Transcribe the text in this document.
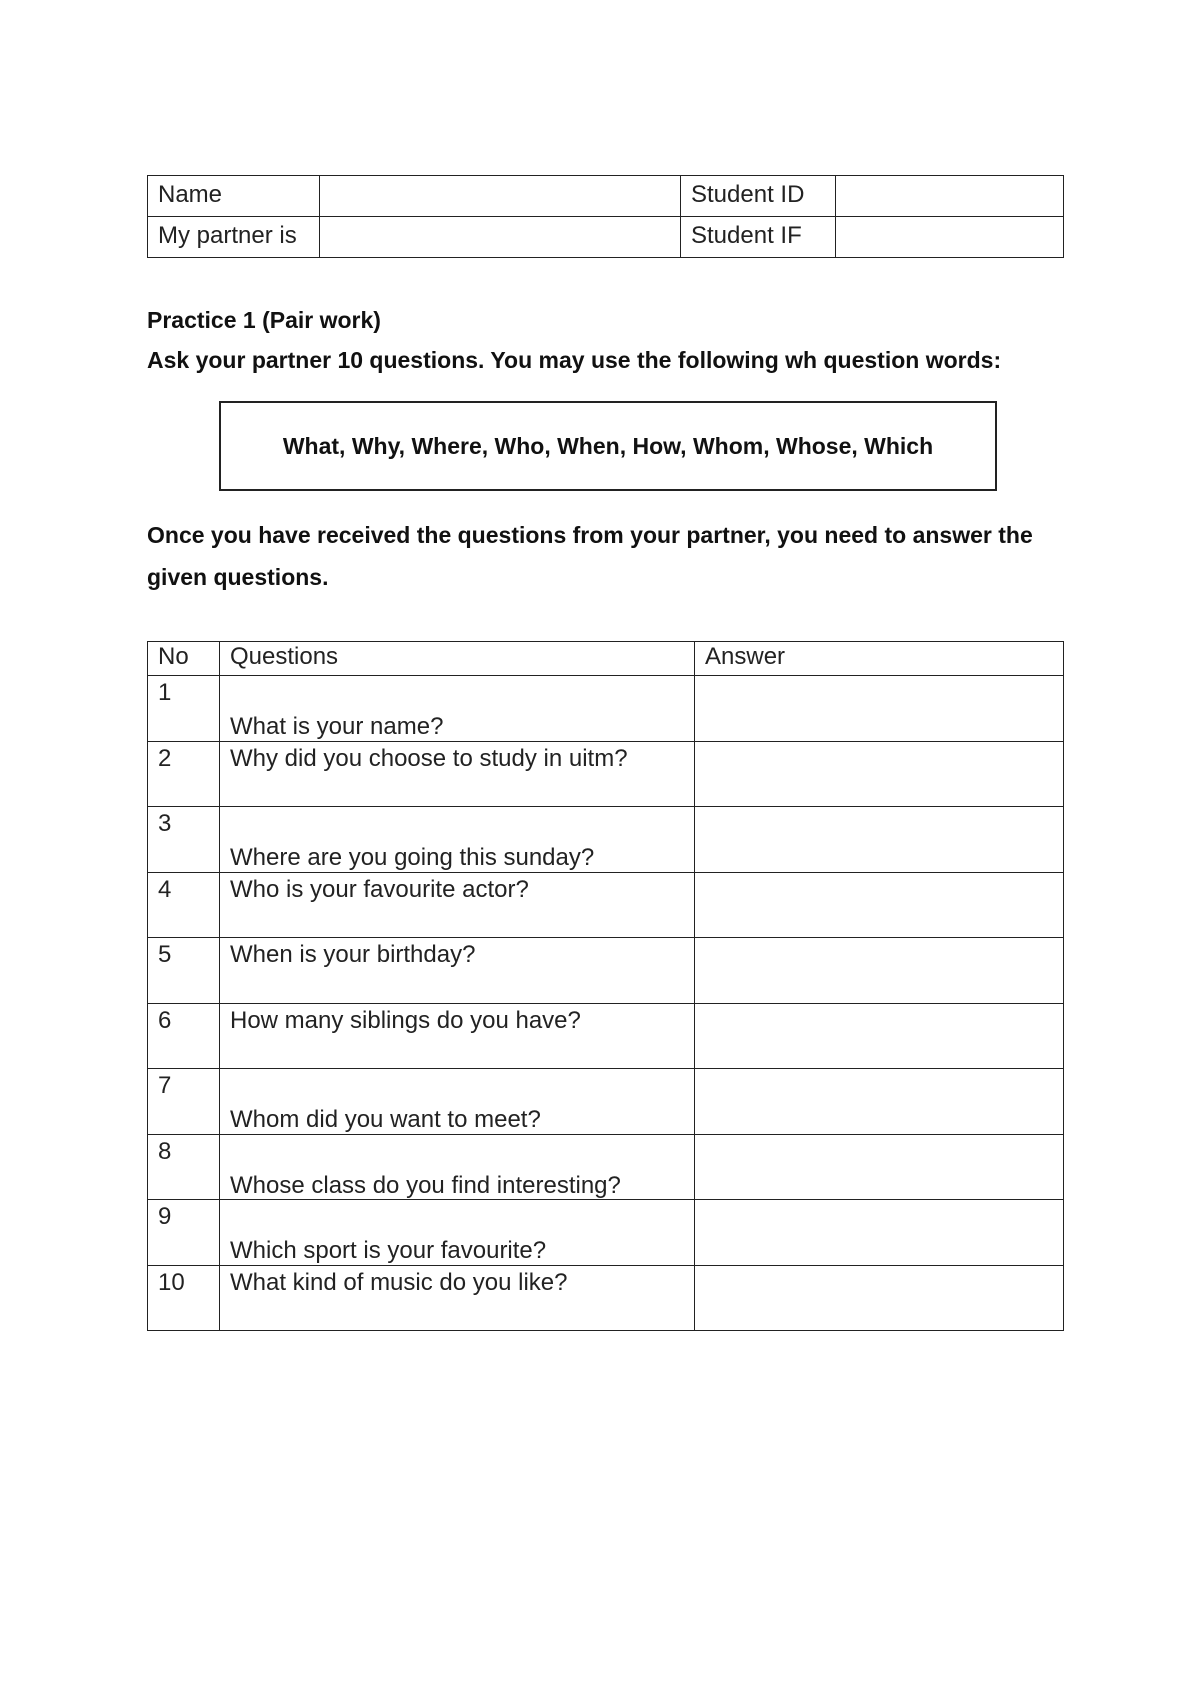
Name		Student ID	
My partner is		Student IF	

Practice 1 (Pair work)

Ask your partner 10 questions. You may use the following wh question words:

What, Why, Where, Who, When, How, Whom, Whose, Which

Once you have received the questions from your partner, you need to answer the given questions.

No	Questions	Answer

1	What is your name?	

2	Why did you choose to study in uitm?	

3	Where are you going this sunday?	

4	Who is your favourite actor?	

5	When is your birthday?	

6	How many siblings do you have?	

7	Whom did you want to meet?	

8	Whose class do you find interesting?	

9	Which sport is your favourite?	

10	What kind of music do you like?	
